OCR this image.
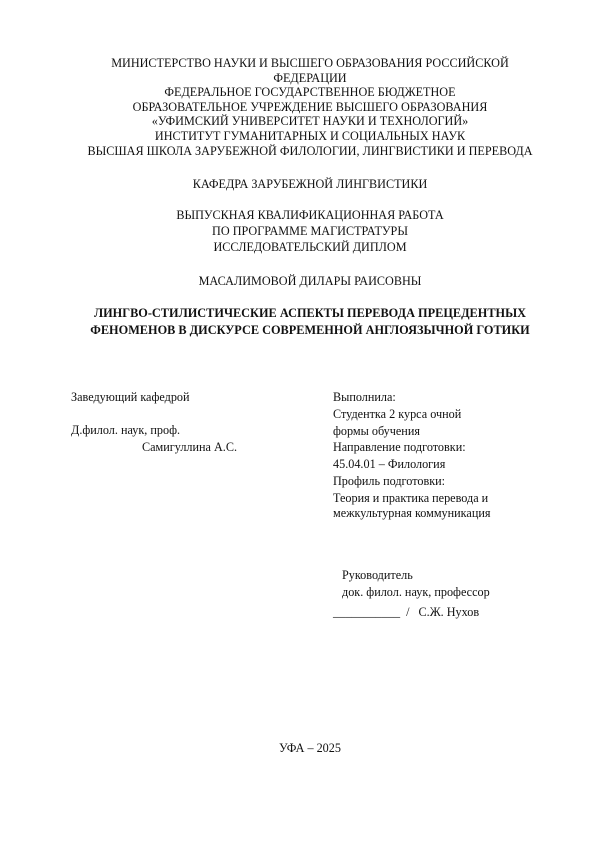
МИНИСТЕРСТВО НАУКИ И ВЫСШЕГО ОБРАЗОВАНИЯ РОССИЙСКОЙ
ФЕДЕРАЦИИ
ФЕДЕРАЛЬНОЕ ГОСУДАРСТВЕННОЕ БЮДЖЕТНОЕ
ОБРАЗОВАТЕЛЬНОЕ УЧРЕЖДЕНИЕ ВЫСШЕГО ОБРАЗОВАНИЯ
«УФИМСКИЙ УНИВЕРСИТЕТ НАУКИ И ТЕХНОЛОГИЙ»
ИНСТИТУТ ГУМАНИТАРНЫХ И СОЦИАЛЬНЫХ НАУК
ВЫСШАЯ ШКОЛА ЗАРУБЕЖНОЙ ФИЛОЛОГИИ, ЛИНГВИСТИКИ И ПЕРЕВОДА
КАФЕДРА ЗАРУБЕЖНОЙ ЛИНГВИСТИКИ
ВЫПУСКНАЯ КВАЛИФИКАЦИОННАЯ РАБОТА
ПО ПРОГРАММЕ МАГИСТРАТУРЫ
ИССЛЕДОВАТЕЛЬСКИЙ ДИПЛОМ
МАСАЛИМОВОЙ ДИЛАРЫ РАИСОВНЫ
ЛИНГВО-СТИЛИСТИЧЕСКИЕ АСПЕКТЫ ПЕРЕВОДА ПРЕЦЕДЕНТНЫХ
ФЕНОМЕНОВ В ДИСКУРСЕ СОВРЕМЕННОЙ АНГЛОЯЗЫЧНОЙ ГОТИКИ
Заведующий кафедрой
Д.филол. наук, проф.
Самигуллина А.С.
Выполнила:
Студентка 2 курса очной
формы обучения
Направление подготовки:
45.04.01 – Филология
Профиль подготовки:
Теория и практика перевода и
межкультурная коммуникация
Руководитель
док. филол. наук, профессор
___________ / С.Ж. Нухов
УФА – 2025
